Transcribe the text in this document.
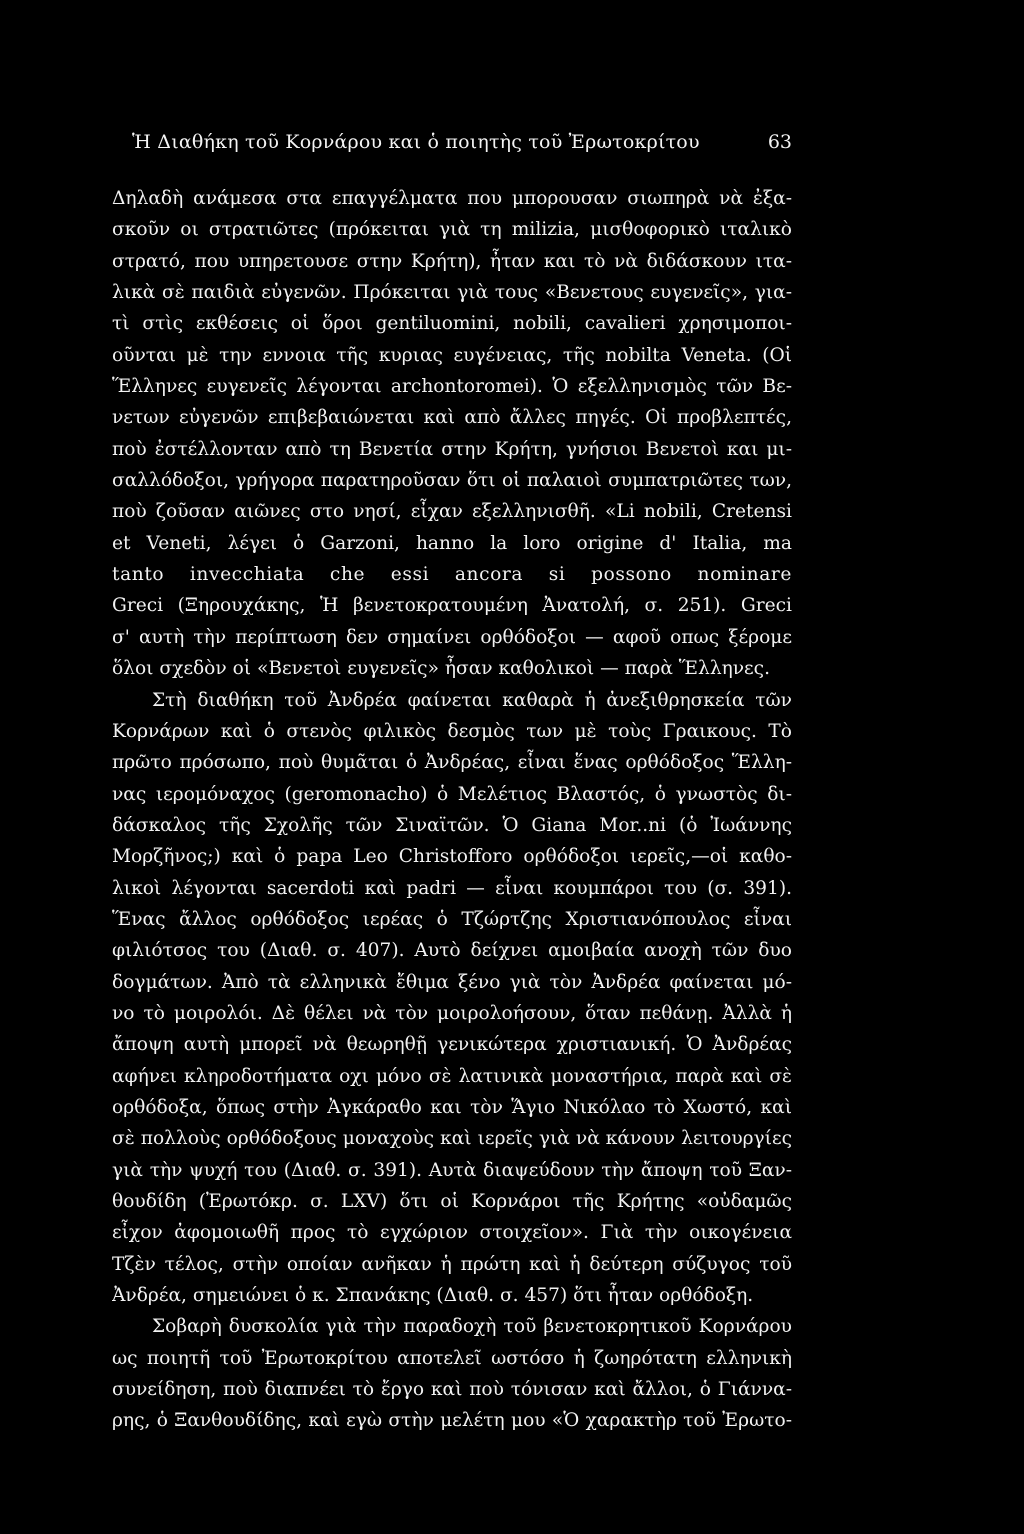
Ἡ Διαθήκη τοῦ Κορνάρου και ὁ ποιητὴς τοῦ Ἐρωτοκρίτου	63
Δηλαδὴ ανάμεσα στα επαγγέλματα που μπορουσαν σιωπηρὰ νὰ ἐξα-
σκοῦν οι στρατιῶτες (πρόκειται γιὰ τη milizia, μισθοφορικὸ ιταλικὸ
στρατό, που υπηρετουσε στην Κρήτη), ἦταν και τὸ νὰ διδάσκουν ιτα-
λικὰ σὲ παιδιὰ εὐγενῶν. Πρόκειται γιὰ τους «Βενετους ευγενεῖς», για-
τὶ στὶς εκθέσεις οἱ ὅροι gentiluomini, nobili, cavalieri χρησιμοποι-
οῦνται μὲ την εννοια τῆς κυριας ευγένειας, τῆς nobilta Veneta. (Οἱ
Ἕλληνες ευγενεῖς λέγονται archontoromei). Ὁ εξελληνισμὸς τῶν Βε-
νετων εὐγενῶν επιβεβαιώνεται καὶ απὸ ἄλλες πηγές. Οἱ προβλεπτές,
ποὺ ἐστέλλονταν απὸ τη Βενετία στην Κρήτη, γνήσιοι Βενετοὶ και μι-
σαλλόδοξοι, γρήγορα παρατηροῦσαν ὅτι οἱ παλαιοὶ συμπατριῶτες των,
ποὺ ζοῦσαν αιῶνες στο νησί, εἶχαν εξελληνισθῆ. «Li nobili, Cretensi
et Veneti, λέγει ὁ Garzoni, hanno la loro origine d' Italia, ma
tanto invecchiata che essi ancora si possono nominare
Greci (Ξηρουχάκης, Ἡ βενετοκρατουμένη Ἀνατολή, σ. 251). Greci
σ' αυτὴ τὴν περίπτωση δεν σημαίνει ορθόδοξοι — αφοῦ οπως ξέρομε
ὅλοι σχεδὸν οἱ «Βενετοὶ ευγενεῖς» ἦσαν καθολικοὶ — παρὰ Ἕλληνες.
Στὴ διαθήκη τοῦ Ἀνδρέα φαίνεται καθαρὰ ἡ ἀνεξιθρησκεία τῶν
Κορνάρων καὶ ὁ στενὸς φιλικὸς δεσμὸς των μὲ τοὺς Γραικους. Τὸ
πρῶτο πρόσωπο, ποὺ θυμᾶται ὁ Ἀνδρέας, εἶναι ἕνας ορθόδοξος Ἕλλη-
νας ιερομόναχος (geromonacho) ὁ Μελέτιος Βλαστός, ὁ γνωστὸς δι-
δάσκαλος τῆς Σχολῆς τῶν Σιναϊτῶν. Ὁ Giana Mor..ni (ὁ Ἰωάννης
Μορζῆνος;) καὶ ὁ papa Leo Christofforo ορθόδοξοι ιερεῖς,—οἱ καθο-
λικοὶ λέγονται sacerdoti καὶ padri — εἶναι κουμπάροι του (σ. 391).
Ἕνας ἄλλος ορθόδοξος ιερέας ὁ Τζώρτζης Χριστιανόπουλος εἶναι
φιλιότσος του (Διαθ. σ. 407). Αυτὸ δείχνει αμοιβαία ανοχὴ τῶν δυο
δογμάτων. Ἀπὸ τὰ ελληνικὰ ἔθιμα ξένο γιὰ τὸν Ἀνδρέα φαίνεται μό-
νο τὸ μοιρολόι. Δὲ θέλει νὰ τὸν μοιρολοήσουν, ὅταν πεθάνῃ. Ἀλλὰ ἡ
ἄποψη αυτὴ μπορεῖ νὰ θεωρηθῇ γενικώτερα χριστιανική. Ὁ Ἀνδρέας
αφήνει κληροδοτήματα οχι μόνο σὲ λατινικὰ μοναστήρια, παρὰ καὶ σὲ
ορθόδοξα, ὅπως στὴν Ἀγκάραθο και τὸν Ἅγιο Νικόλαο τὸ Χωστό, καὶ
σὲ πολλοὺς ορθόδοξους μοναχοὺς καὶ ιερεῖς γιὰ νὰ κάνουν λειτουργίες
γιὰ τὴν ψυχή του (Διαθ. σ. 391). Αυτὰ διαψεύδουν τὴν ἄποψη τοῦ Ξαν-
θουδίδη (Ἐρωτόκρ. σ. LXV) ὅτι οἱ Κορνάροι τῆς Κρήτης «οὐδαμῶς
εἶχον ἀφομοιωθῆ προς τὸ εγχώριον στοιχεῖον». Γιὰ τὴν οικογένεια
Τζὲν τέλος, στὴν οποίαν ανῆκαν ἡ πρώτη καὶ ἡ δεύτερη σύζυγος τοῦ
Ἀνδρέα, σημειώνει ὁ κ. Σπανάκης (Διαθ. σ. 457) ὅτι ἦταν ορθόδοξη.
Σοβαρὴ δυσκολία γιὰ τὴν παραδοχὴ τοῦ βενετοκρητικοῦ Κορνάρου
ως ποιητῆ τοῦ Ἐρωτοκρίτου αποτελεῖ ωστόσο ἡ ζωηρότατη ελληνικὴ
συνείδηση, ποὺ διαπνέει τὸ ἔργο καὶ ποὺ τόνισαν καὶ ἄλλοι, ὁ Γιάννα-
ρης, ὁ Ξανθουδίδης, καὶ εγὼ στὴν μελέτη μου «Ὁ χαρακτὴρ τοῦ Ἐρωτο-
